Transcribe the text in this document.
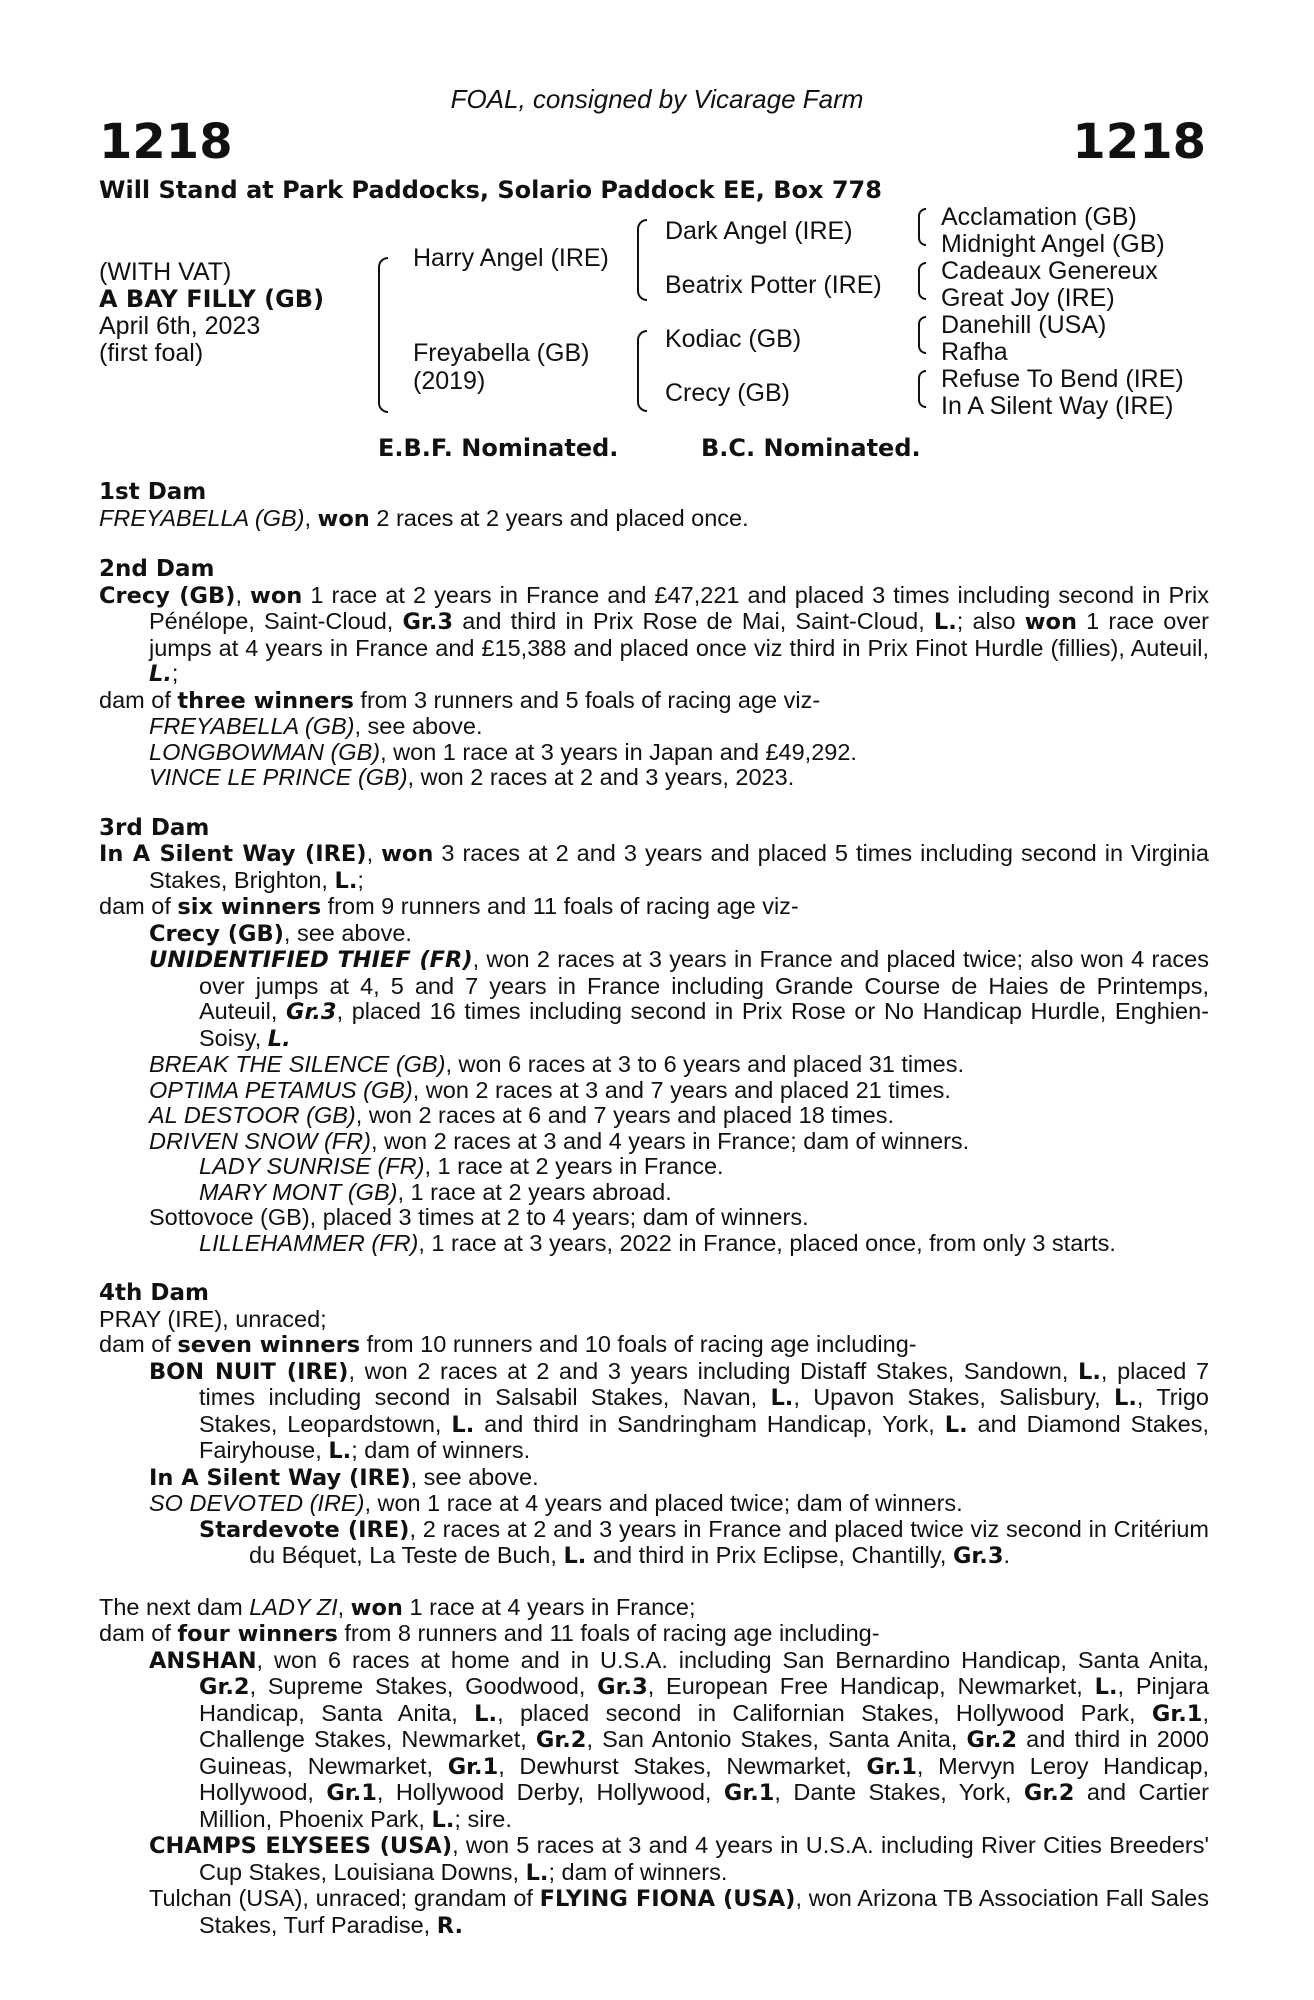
FOAL, consigned by Vicarage Farm
1218	1218
Will Stand at Park Paddocks, Solario Paddock EE, Box 778
(WITH VAT)
A BAY FILLY (GB)
April 6th, 2023
(first foal)
Harry Angel (IRE)
Freyabella (GB)
(2019)
Dark Angel (IRE)
Beatrix Potter (IRE)
Kodiac (GB)
Crecy (GB)
Acclamation (GB)
Midnight Angel (GB)
Cadeaux Genereux
Great Joy (IRE)
Danehill (USA)
Rafha
Refuse To Bend (IRE)
In A Silent Way (IRE)
E.B.F. Nominated.	B.C. Nominated.
1st Dam
FREYABELLA (GB), won 2 races at 2 years and placed once.
2nd Dam
Crecy (GB), won 1 race at 2 years in France and £47,221 and placed 3 times including second in Prix Pénélope, Saint-Cloud, Gr.3 and third in Prix Rose de Mai, Saint-Cloud, L.; also won 1 race over jumps at 4 years in France and £15,388 and placed once viz third in Prix Finot Hurdle (fillies), Auteuil, L.;
dam of three winners from 3 runners and 5 foals of racing age viz-
FREYABELLA (GB), see above.
LONGBOWMAN (GB), won 1 race at 3 years in Japan and £49,292.
VINCE LE PRINCE (GB), won 2 races at 2 and 3 years, 2023.
3rd Dam
In A Silent Way (IRE), won 3 races at 2 and 3 years and placed 5 times including second in Virginia Stakes, Brighton, L.;
dam of six winners from 9 runners and 11 foals of racing age viz-
Crecy (GB), see above.
UNIDENTIFIED THIEF (FR), won 2 races at 3 years in France and placed twice; also won 4 races over jumps at 4, 5 and 7 years in France including Grande Course de Haies de Printemps, Auteuil, Gr.3, placed 16 times including second in Prix Rose or No Handicap Hurdle, Enghien-Soisy, L.
BREAK THE SILENCE (GB), won 6 races at 3 to 6 years and placed 31 times.
OPTIMA PETAMUS (GB), won 2 races at 3 and 7 years and placed 21 times.
AL DESTOOR (GB), won 2 races at 6 and 7 years and placed 18 times.
DRIVEN SNOW (FR), won 2 races at 3 and 4 years in France; dam of winners.
LADY SUNRISE (FR), 1 race at 2 years in France.
MARY MONT (GB), 1 race at 2 years abroad.
Sottovoce (GB), placed 3 times at 2 to 4 years; dam of winners.
LILLEHAMMER (FR), 1 race at 3 years, 2022 in France, placed once, from only 3 starts.
4th Dam
PRAY (IRE), unraced;
dam of seven winners from 10 runners and 10 foals of racing age including-
BON NUIT (IRE), won 2 races at 2 and 3 years including Distaff Stakes, Sandown, L., placed 7 times including second in Salsabil Stakes, Navan, L., Upavon Stakes, Salisbury, L., Trigo Stakes, Leopardstown, L. and third in Sandringham Handicap, York, L. and Diamond Stakes, Fairyhouse, L.; dam of winners.
In A Silent Way (IRE), see above.
SO DEVOTED (IRE), won 1 race at 4 years and placed twice; dam of winners.
Stardevote (IRE), 2 races at 2 and 3 years in France and placed twice viz second in Critérium du Béquet, La Teste de Buch, L. and third in Prix Eclipse, Chantilly, Gr.3.
The next dam LADY ZI, won 1 race at 4 years in France;
dam of four winners from 8 runners and 11 foals of racing age including-
ANSHAN, won 6 races at home and in U.S.A. including San Bernardino Handicap, Santa Anita, Gr.2, Supreme Stakes, Goodwood, Gr.3, European Free Handicap, Newmarket, L., Pinjara Handicap, Santa Anita, L., placed second in Californian Stakes, Hollywood Park, Gr.1, Challenge Stakes, Newmarket, Gr.2, San Antonio Stakes, Santa Anita, Gr.2 and third in 2000 Guineas, Newmarket, Gr.1, Dewhurst Stakes, Newmarket, Gr.1, Mervyn Leroy Handicap, Hollywood, Gr.1, Hollywood Derby, Hollywood, Gr.1, Dante Stakes, York, Gr.2 and Cartier Million, Phoenix Park, L.; sire.
CHAMPS ELYSEES (USA), won 5 races at 3 and 4 years in U.S.A. including River Cities Breeders' Cup Stakes, Louisiana Downs, L.; dam of winners.
Tulchan (USA), unraced; grandam of FLYING FIONA (USA), won Arizona TB Association Fall Sales Stakes, Turf Paradise, R.
